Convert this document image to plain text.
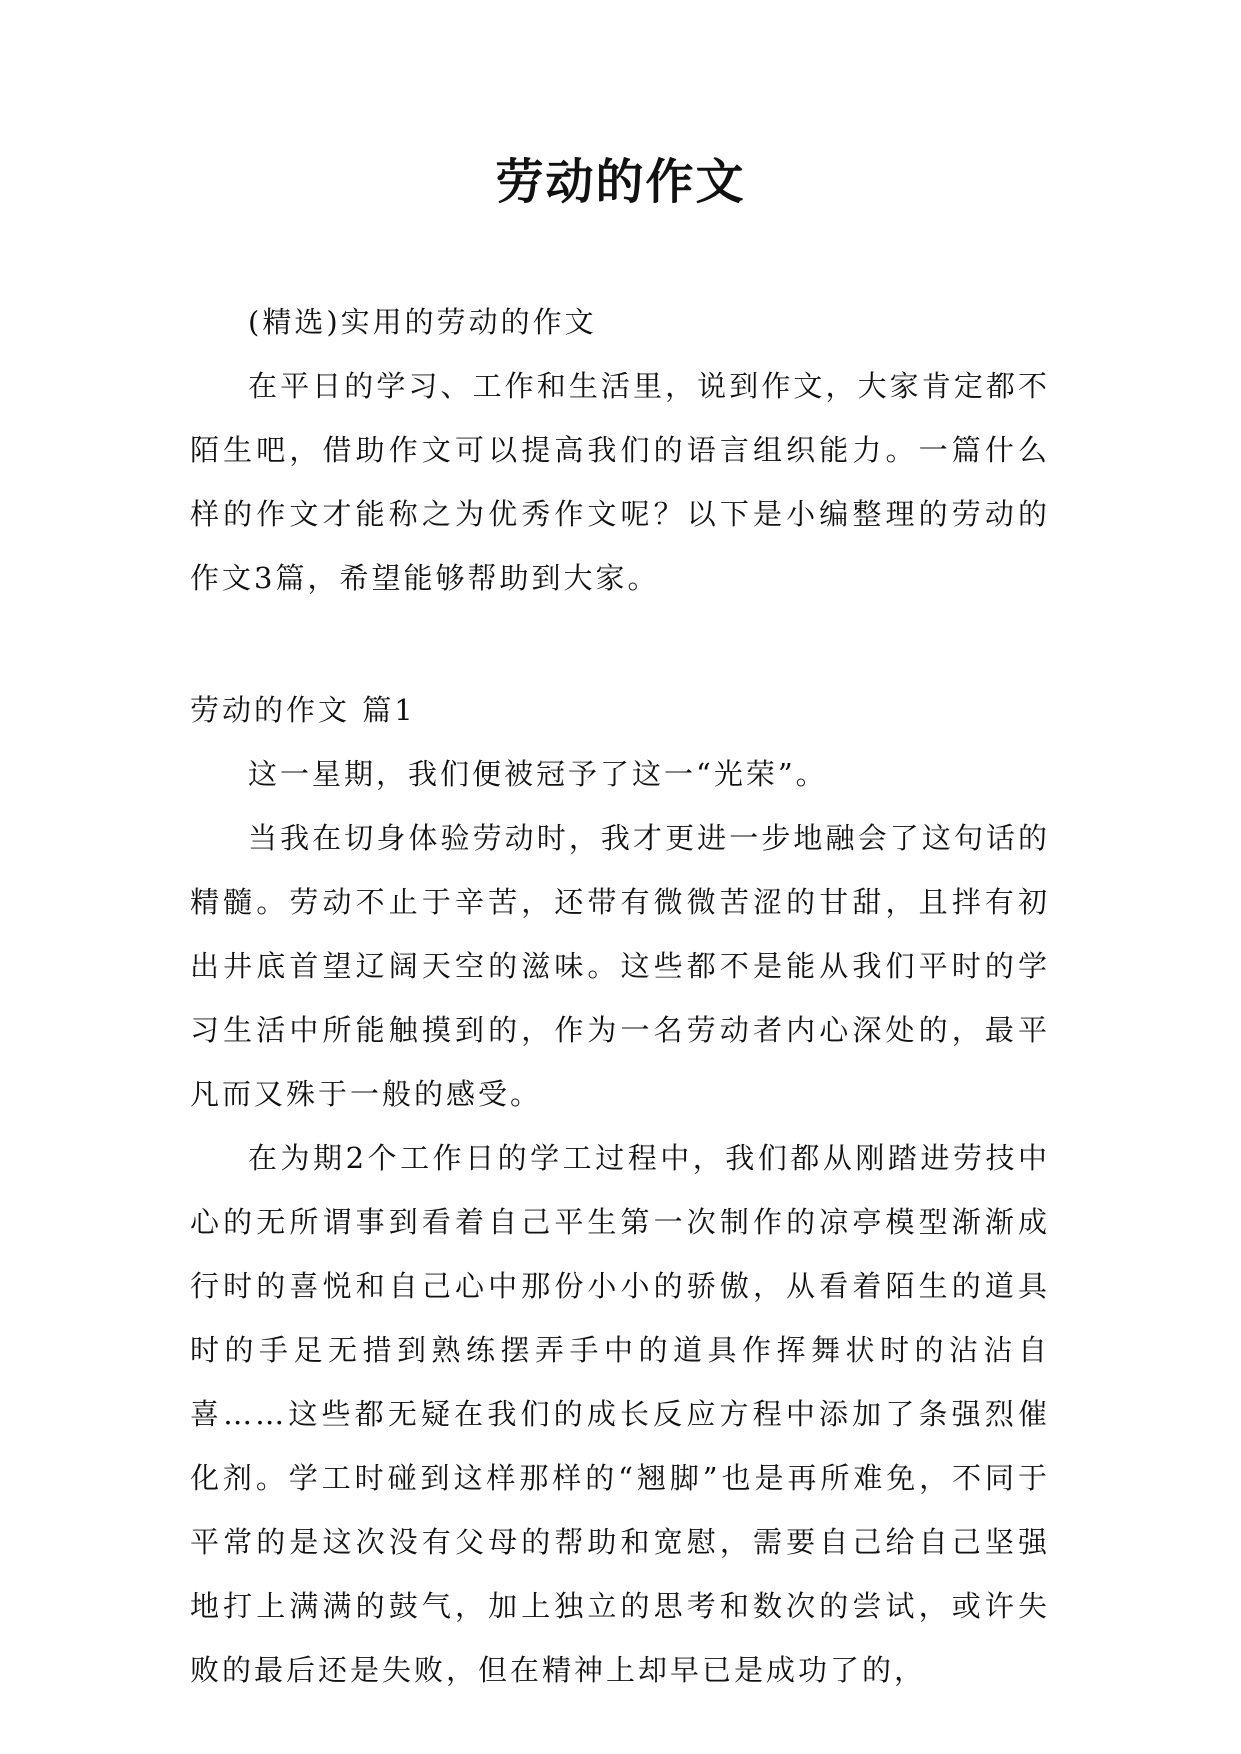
劳动的作文

(精选)实用的劳动的作文

在平日的学习、工作和生活里，说到作文，大家肯定都不陌生吧，借助作文可以提高我们的语言组织能力。一篇什么样的作文才能称之为优秀作文呢？以下是小编整理的劳动的作文3篇，希望能够帮助到大家。

劳动的作文 篇1

这一星期，我们便被冠予了这一“光荣”。

当我在切身体验劳动时，我才更进一步地融会了这句话的精髓。劳动不止于辛苦，还带有微微苦涩的甘甜，且拌有初出井底首望辽阔天空的滋味。这些都不是能从我们平时的学习生活中所能触摸到的，作为一名劳动者内心深处的，最平凡而又殊于一般的感受。

在为期2个工作日的学工过程中，我们都从刚踏进劳技中心的无所谓事到看着自己平生第一次制作的凉亭模型渐渐成行时的喜悦和自己心中那份小小的骄傲，从看着陌生的道具时的手足无措到熟练摆弄手中的道具作挥舞状时的沾沾自喜……这些都无疑在我们的成长反应方程中添加了条强烈催化剂。学工时碰到这样那样的“翘脚”也是再所难免，不同于平常的是这次没有父母的帮助和宽慰，需要自己给自己坚强地打上满满的鼓气，加上独立的思考和数次的尝试，或许失败的最后还是失败，但在精神上却早已是成功了的，
